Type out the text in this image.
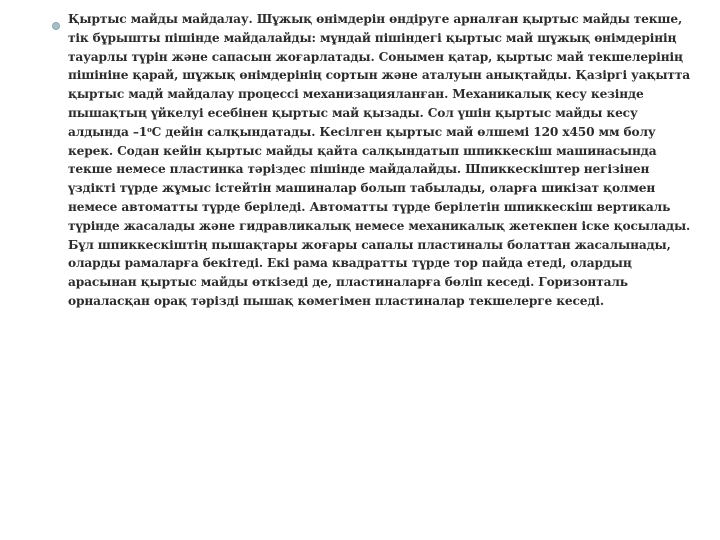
Қыртыс майды майдалау. Шұжық өнімдерін өндіруге арналған қыртыс майды текше, тік бұрышты пішінде майдалайды: мұндай пішіндегі қыртыс май шұжық өнімдерінің тауарлы түрін және сапасын жоғарлатады. Сонымен қатар, қыртыс май текшелерінің пішініне қарай, шұжық өнімдерінің сортын және аталуын анықтайды. Қазіргі уақытта қыртыс мадй майдалау процессі механизацияланған. Механикалық кесу кезінде пышақтың үйкелуі есебінен қыртыс май қызады. Сол үшін қыртыс майды кесу алдында $-1^оС$ дейін салқындатады. Кесілген қыртыс май өлшемі 120 х450 мм болу керек. Содан кейін қыртыс майды қайта салқындатып шпиккескіш машинасында текше немесе пластинка тәріздес пішінде майдалайды. Шпиккескіштер негізінен үздікті түрде жұмыс істейтін машиналар болып табылады, оларға шикізат қолмен немесе автоматты түрде беріледі. Автоматты түрде берілетін шпиккескіш вертикаль түрінде жасалады және гидравликалық немесе механикалық жетекпен іске қосылады. Бұл шпиккескіштің пышақтары жоғары сапалы пластиналы болаттан жасалынады, оларды рамаларға бекітеді. Екі рама квадратты түрде тор пайда етеді, олардың арасынан қыртыс майды өткізеді де, пластиналарға бөліп кеседі. Горизонталь орналасқан орақ тәрізді пышақ көмегімен пластиналар текшелерге кеседі.
